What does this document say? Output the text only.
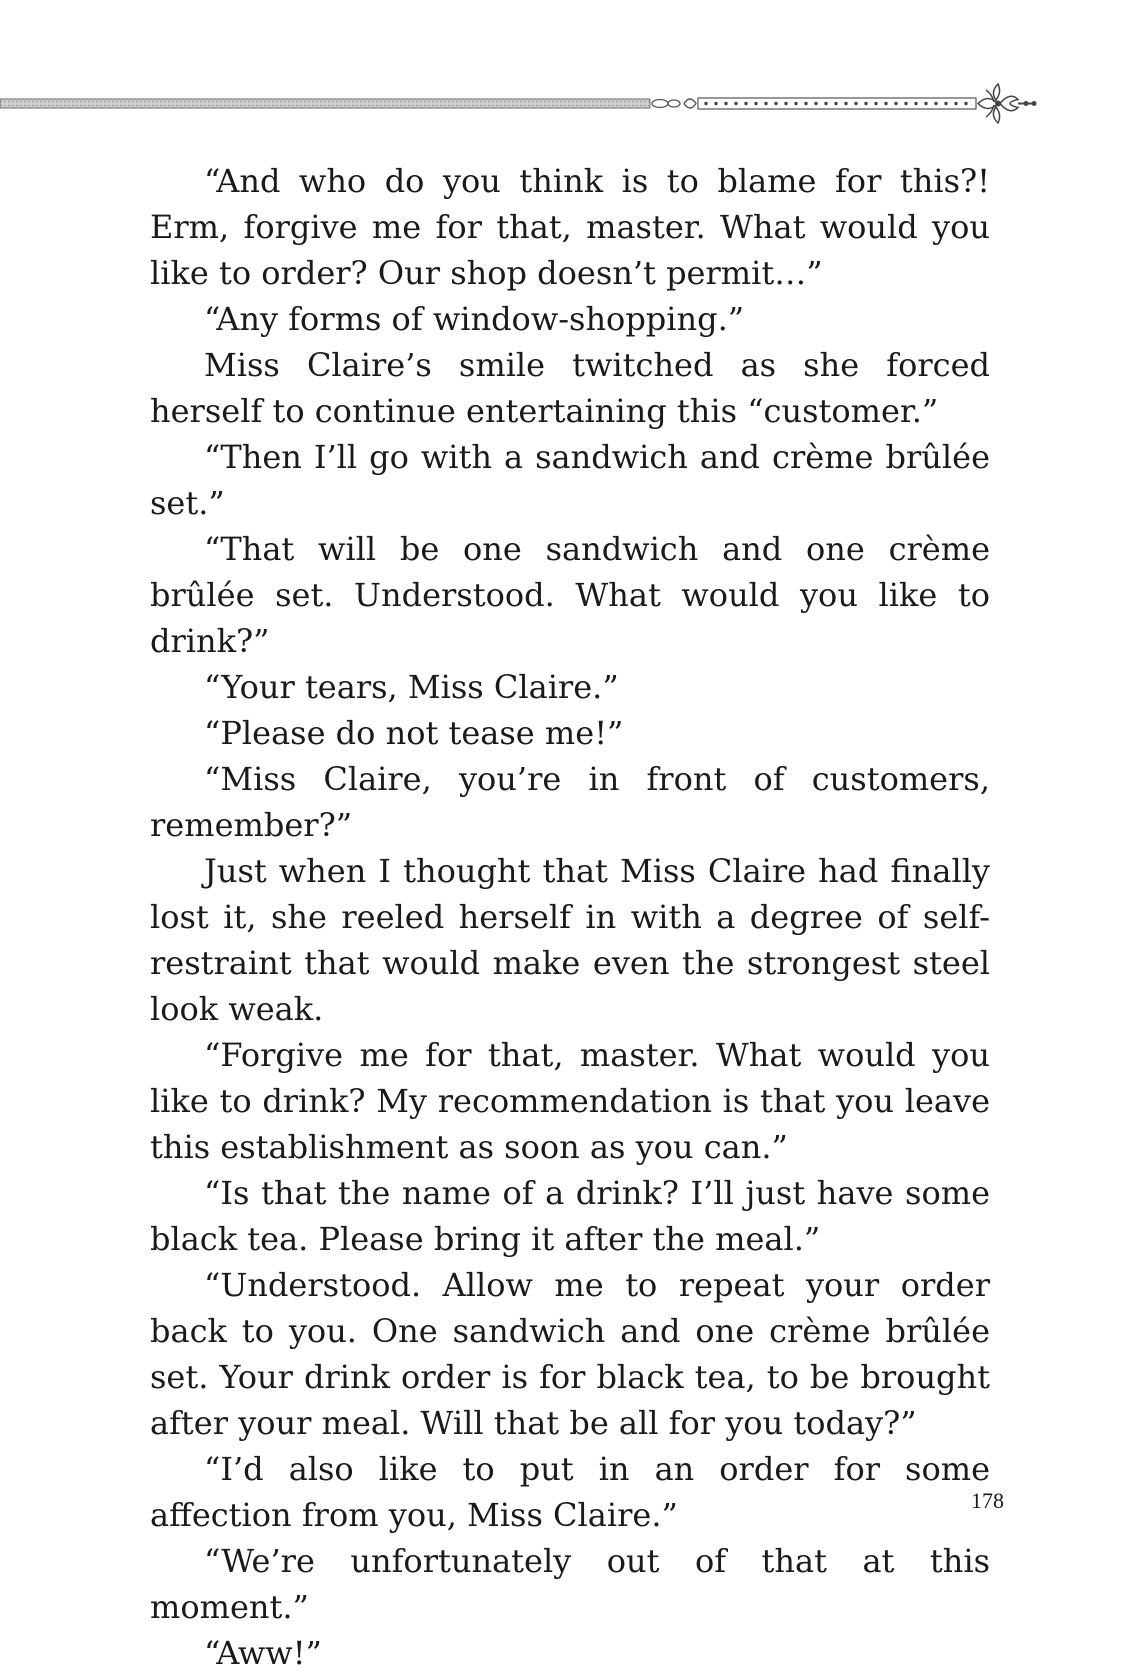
“And who do you think is to blame for this?! Erm, forgive me for that, master. What would you like to order? Our shop doesn’t permit…”

“Any forms of window-shopping.”

Miss Claire’s smile twitched as she forced herself to continue entertaining this “customer.”

“Then I’ll go with a sandwich and crème brûlée set.”

“That will be one sandwich and one crème brûlée set. Understood. What would you like to drink?”

“Your tears, Miss Claire.”

“Please do not tease me!”

“Miss Claire, you’re in front of customers, remember?”

Just when I thought that Miss Claire had finally lost it, she reeled herself in with a degree of self-restraint that would make even the strongest steel look weak.

“Forgive me for that, master. What would you like to drink? My recommendation is that you leave this establishment as soon as you can.”

“Is that the name of a drink? I’ll just have some black tea. Please bring it after the meal.”

“Understood. Allow me to repeat your order back to you. One sandwich and one crème brûlée set. Your drink order is for black tea, to be brought after your meal. Will that be all for you today?”

“I’d also like to put in an order for some affection from you, Miss Claire.”

“We’re unfortunately out of that at this moment.”

“Aww!”

178
